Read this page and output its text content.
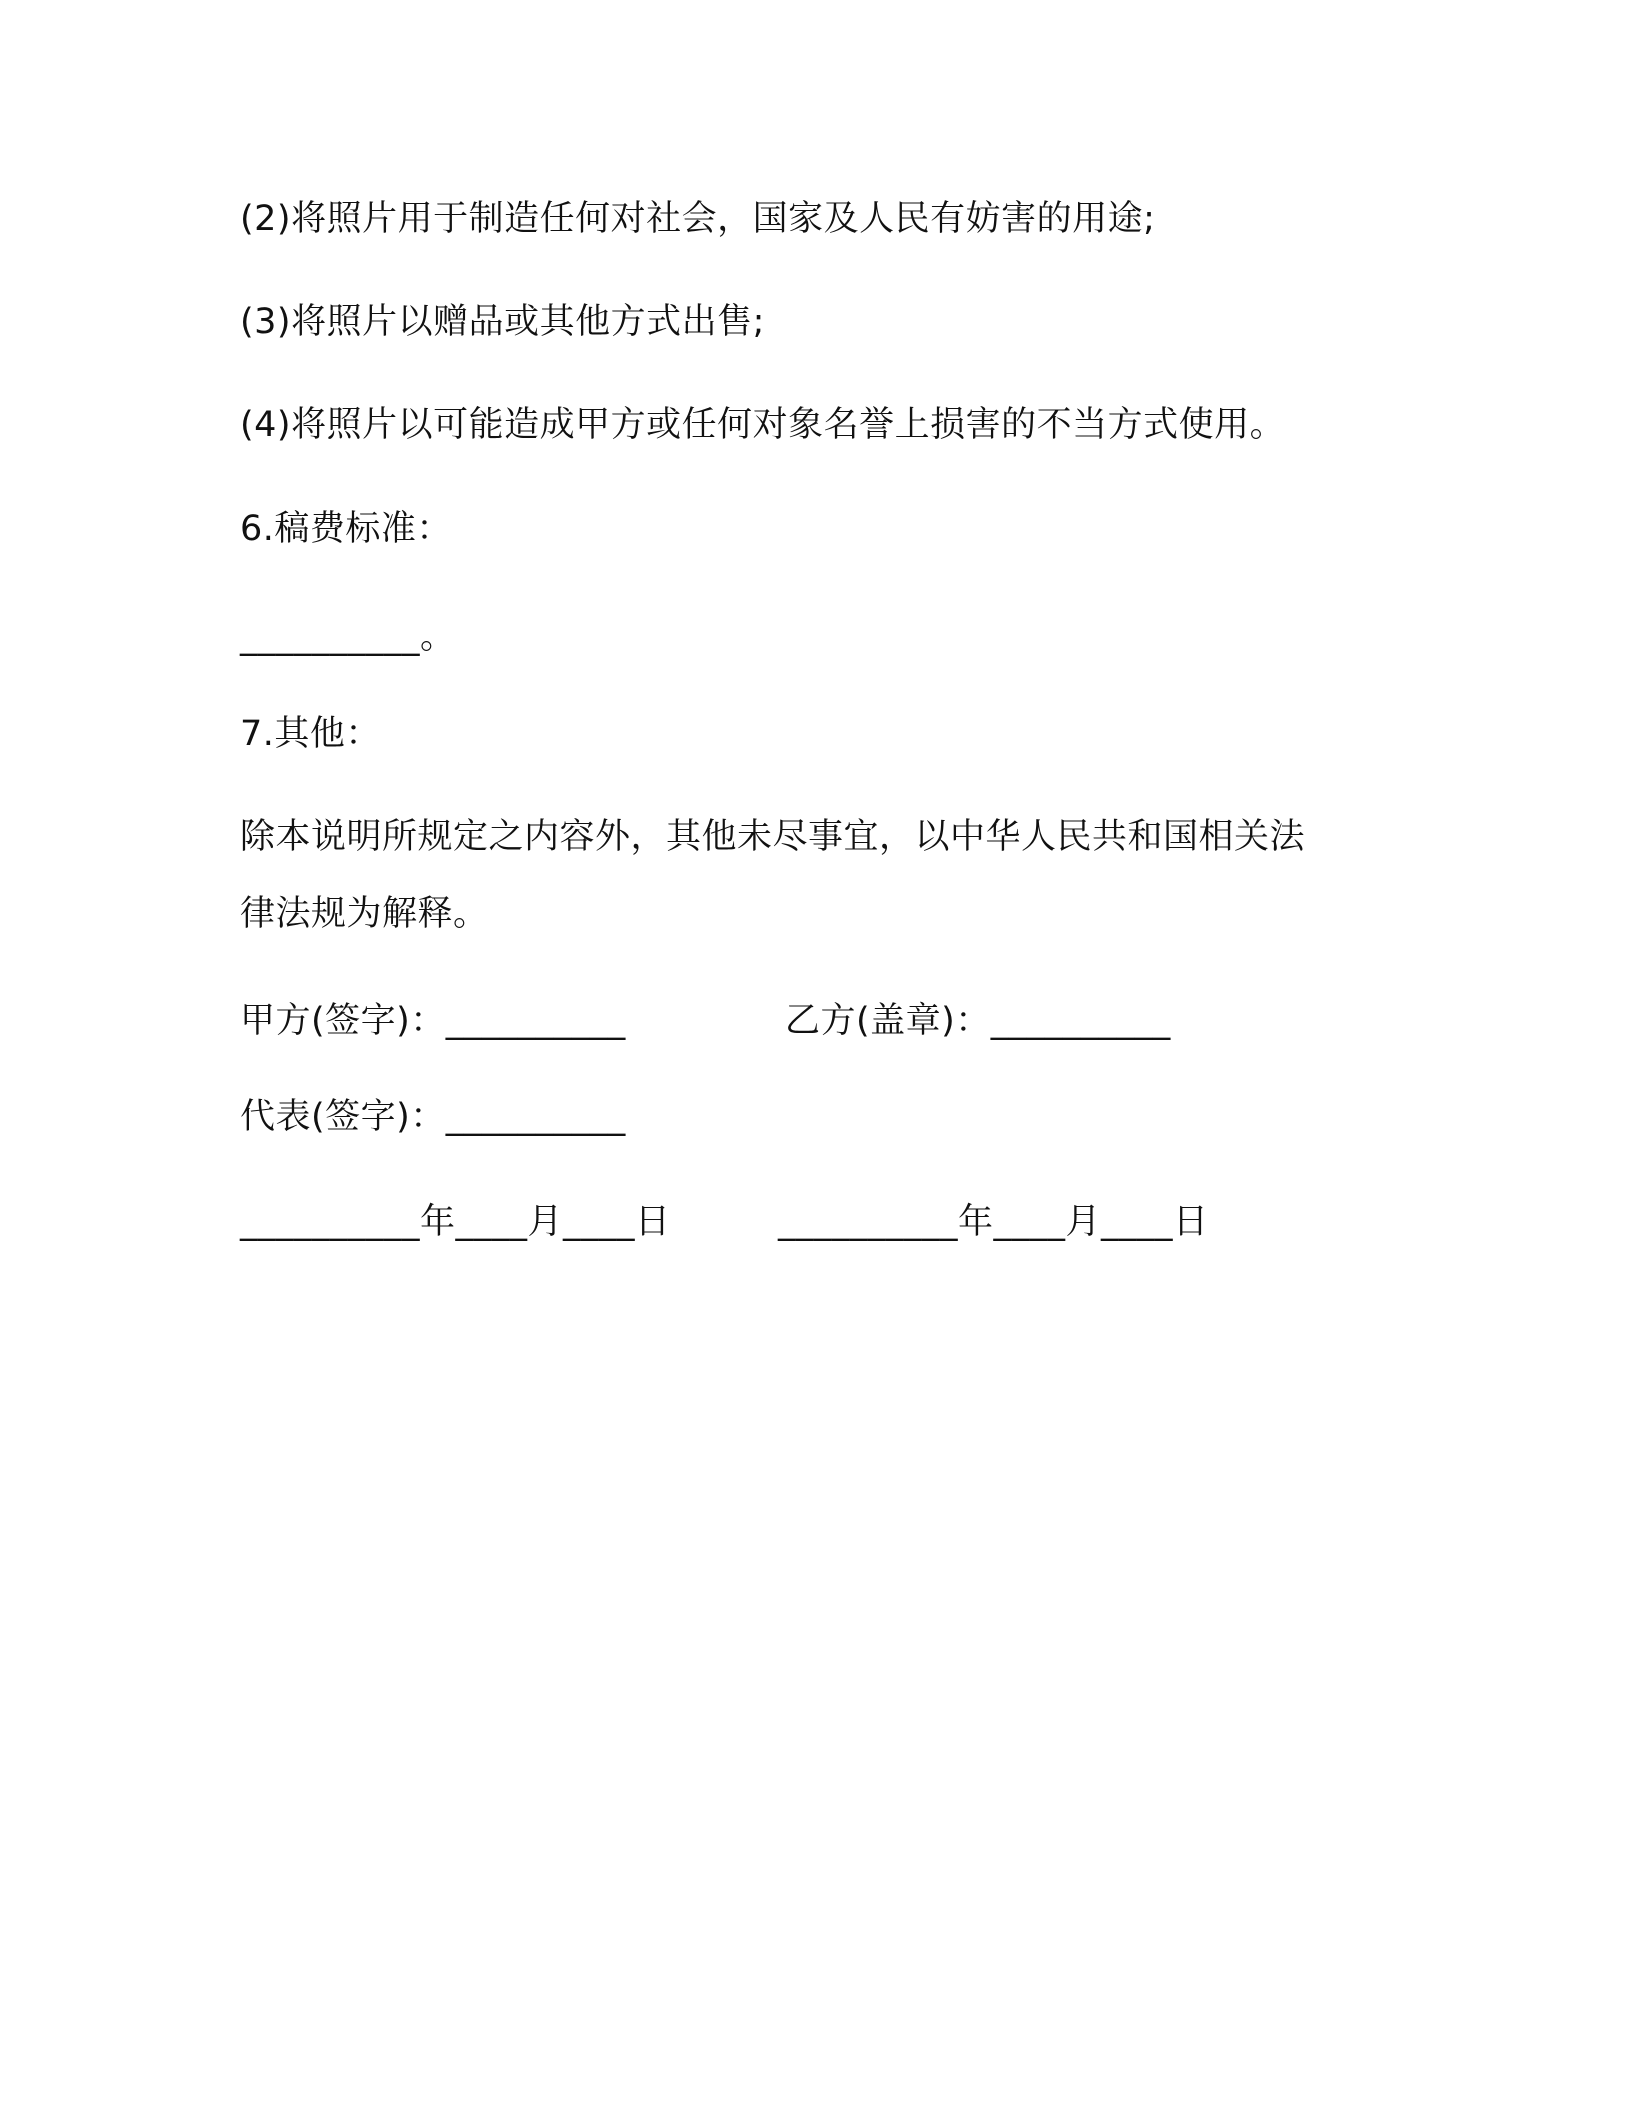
(2)将照片用于制造任何对社会，国家及人民有妨害的用途;
(3)将照片以赠品或其他方式出售;
(4)将照片以可能造成甲方或任何对象名誉上损害的不当方式使用。
6.稿费标准：
__________。
7.其他：
除本说明所规定之内容外，其他未尽事宜，以中华人民共和国相关法
律法规为解释。
甲方(签字)：__________	乙方(盖章)：__________
代表(签字)：__________
__________年____月____日	__________年____月____日
